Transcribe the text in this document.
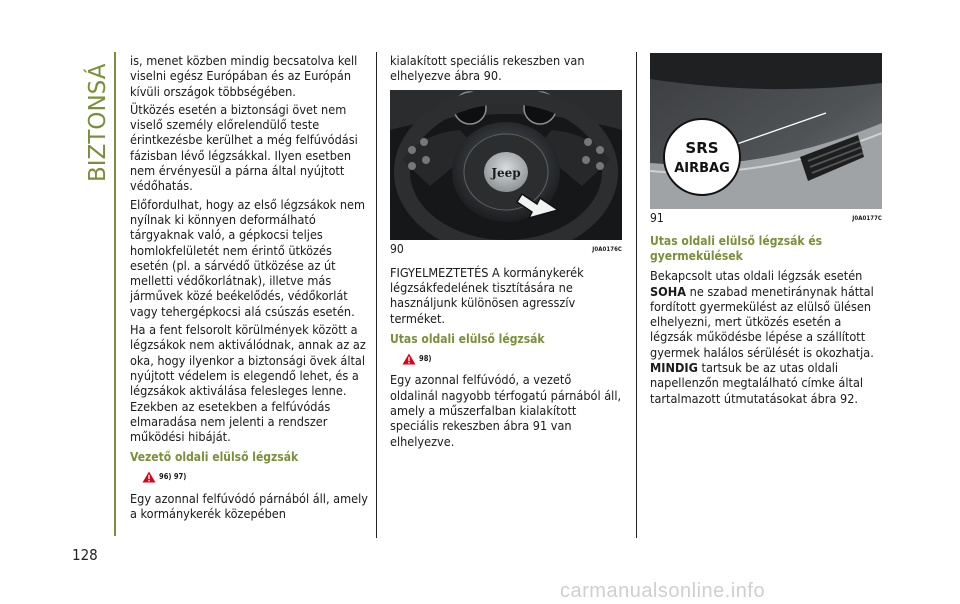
BIZTONSÁG
128

is, menet közben mindig becsatolva kell viselni egész Európában és az Európán kívüli országok többségében.

Ütközés esetén a biztonsági övet nem viselő személy előrelendülő teste érintkezésbe kerülhet a még felfúvódási fázisban lévő légzsákkal. Ilyen esetben nem érvényesül a párna által nyújtott védőhatás.

Előfordulhat, hogy az első légzsákok nem nyílnak ki könnyen deformálható tárgyaknak való, a gépkocsi teljes homlokfelületét nem érintő ütközés esetén (pl. a sárvédő ütközése az út melletti védőkorlátnak), illetve más járművek közé beékelődés, védőkorlát vagy tehergépkocsi alá csúszás esetén.

Ha a fent felsorolt körülmények között a légzsákok nem aktiválódnak, annak az az oka, hogy ilyenkor a biztonsági övek által nyújtott védelem is elegendő lehet, és a légzsákok aktiválása felesleges lenne. Ezekben az esetekben a felfúvódás elmaradása nem jelenti a rendszer működési hibáját.

Vezető oldali elülső légzsák
96) 97)

Egy azonnal felfúvódó párnából áll, amely a kormánykerék közepében

kialakított speciális rekeszben van elhelyezve ábra 90.

Jeep
90	J0A0176C

FIGYELMEZTETÉS A kormánykerék légzsákfedelének tisztítására ne használjunk különösen agresszív terméket.

Utas oldali elülső légzsák
98)

Egy azonnal felfúvódó, a vezető oldalinál nagyobb térfogatú párnából áll, amely a műszerfalban kialakított speciális rekeszben ábra 91 van elhelyezve.

SRS
AIRBAG
91	J0A0177C
Utas oldali elülső légzsák és gyermekülések

Bekapcsolt utas oldali légzsák esetén SOHA ne szabad menetiránynak háttal fordított gyermekülést az elülső ülésen elhelyezni, mert ütközés esetén a légzsák működésbe lépése a szállított gyermek halálos sérülését is okozhatja. MINDIG tartsuk be az utas oldali napellenzőn megtalálható címke által tartalmazott útmutatásokat ábra 92.

carmanualsonline.info
